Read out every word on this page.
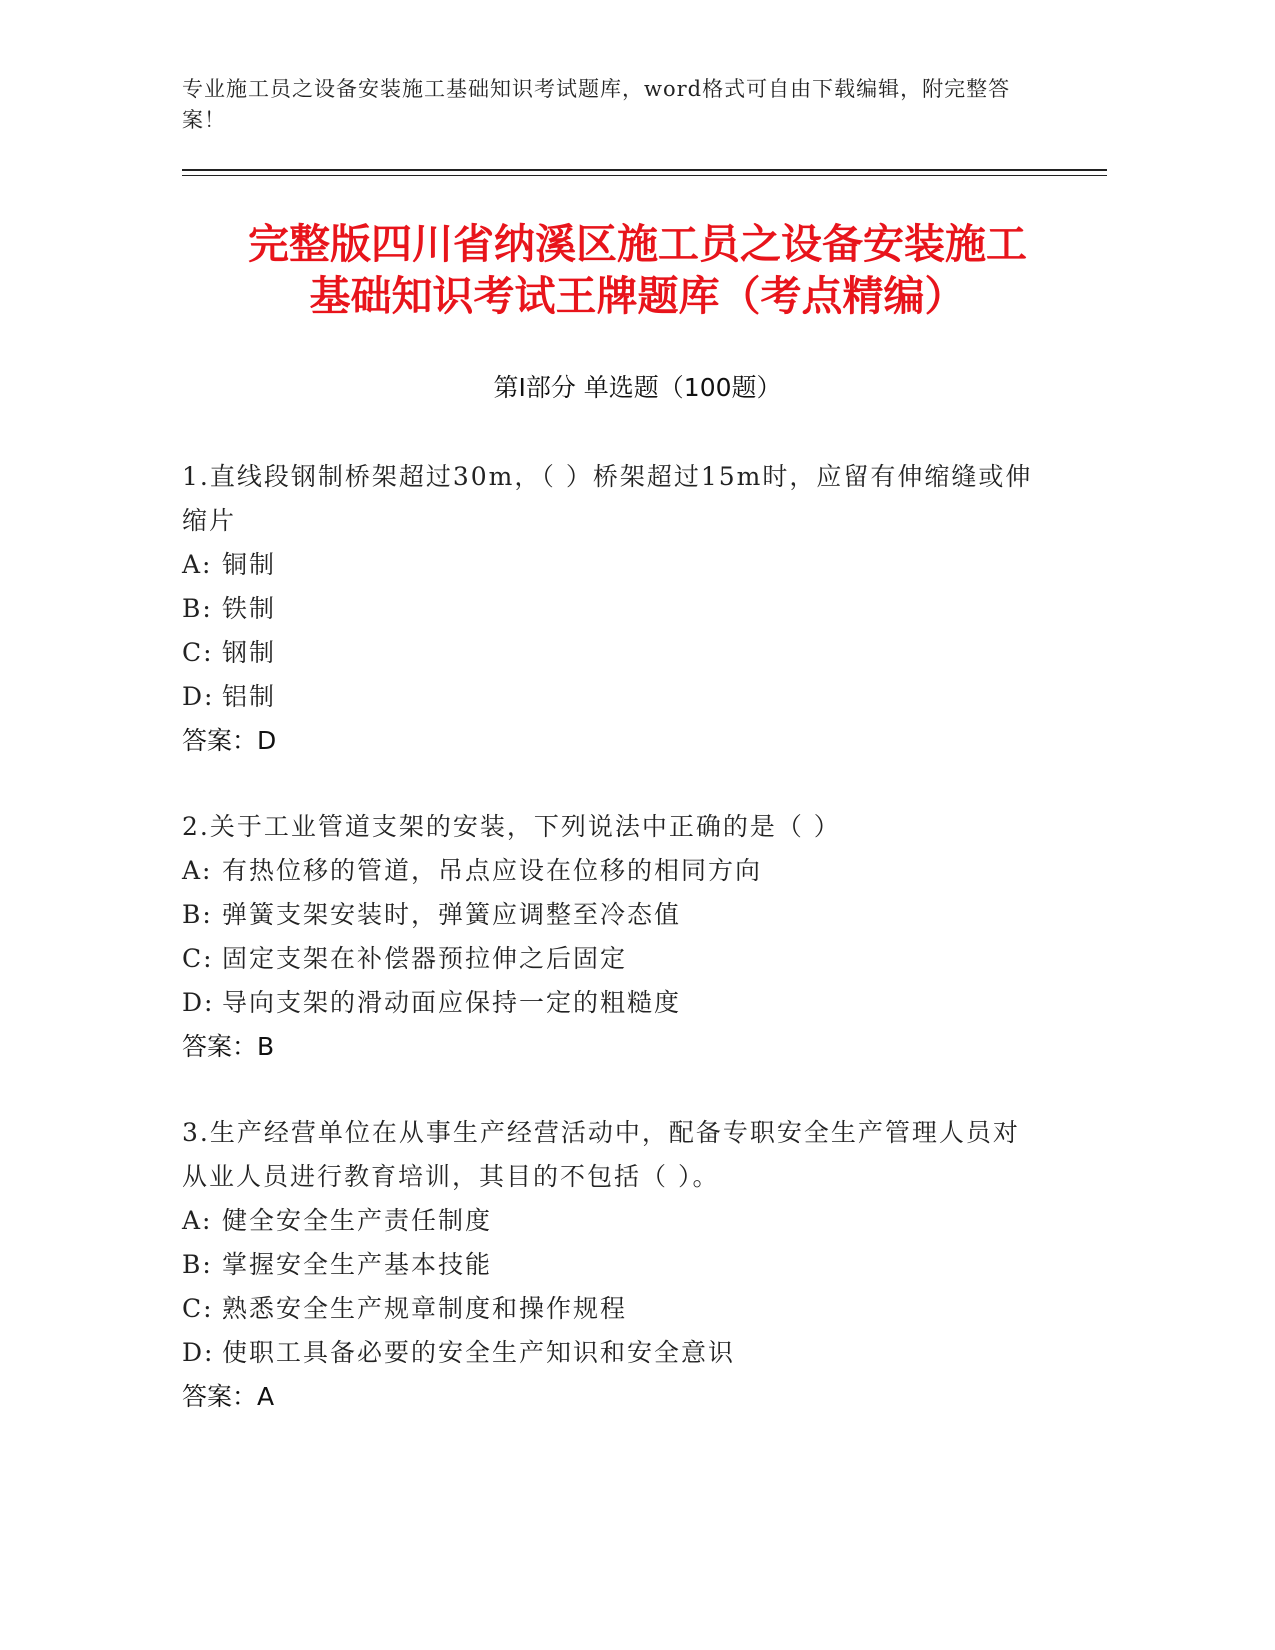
专业施工员之设备安装施工基础知识考试题库，word格式可自由下载编辑，附完整答案！
完整版四川省纳溪区施工员之设备安装施工
基础知识考试王牌题库（考点精编）
第Ⅰ部分 单选题（100题）
1.直线段钢制桥架超过30m，（ ）桥架超过15m时，应留有伸缩缝或伸缩片
A: 铜制
B: 铁制
C: 钢制
D: 铝制
答案：D
2.关于工业管道支架的安装，下列说法中正确的是（ ）
A: 有热位移的管道，吊点应设在位移的相同方向
B: 弹簧支架安装时，弹簧应调整至冷态值
C: 固定支架在补偿器预拉伸之后固定
D: 导向支架的滑动面应保持一定的粗糙度
答案：B
3.生产经营单位在从事生产经营活动中，配备专职安全生产管理人员对从业人员进行教育培训，其目的不包括（ ）。
A: 健全安全生产责任制度
B: 掌握安全生产基本技能
C: 熟悉安全生产规章制度和操作规程
D: 使职工具备必要的安全生产知识和安全意识
答案：A
